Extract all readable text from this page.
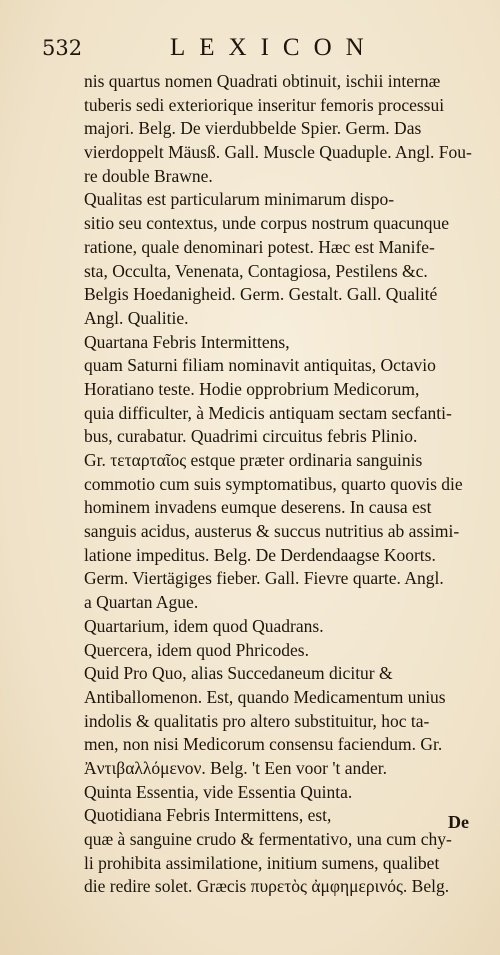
532	LEXICON
nis quartus nomen Quadrati obtinuit, ischii internæ
tuberis sedi exteriorique inseritur femoris processui
majori. Belg. De vierdubbelde Spier. Germ. Das
vierdoppelt Mäusß. Gall. Muscle Quaduple. Angl. Fou-
re double Brawne.
Qualitas est particularum minimarum dispo-
sitio seu contextus, unde corpus nostrum quacunque
ratione, quale denominari potest. Hæc est Manife-
sta, Occulta, Venenata, Contagiosa, Pestilens &c.
Belgis Hoedanigheid. Germ. Gestalt. Gall. Qualité
Angl. Qualitie.
Quartana Febris Intermittens,
quam Saturni filiam nominavit antiquitas, Octavio
Horatiano teste. Hodie opprobrium Medicorum,
quia difficulter, à Medicis antiquam sectam secfanti-
bus, curabatur. Quadrimi circuitus febris Plinio.
Gr. τεταρταῖος estque præter ordinaria sanguinis
commotio cum suis symptomatibus, quarto quovis die
hominem invadens eumque deserens. In causa est
sanguis acidus, austerus & succus nutritius ab assimi-
latione impeditus. Belg. De Derdendaagse Koorts.
Germ. Viertägiges fieber. Gall. Fievre quarte. Angl.
a Quartan Ague.
Quartarium, idem quod Quadrans.
Quercera, idem quod Phricodes.
Quid Pro Quo, alias Succedaneum dicitur &
Antiballomenon. Est, quando Medicamentum unius
indolis & qualitatis pro altero substituitur, hoc ta-
men, non nisi Medicorum consensu faciendum. Gr.
Ἀντιβαλλόμενον. Belg. 't Een voor 't ander.
Quinta Essentia, vide Essentia Quinta.
Quotidiana Febris Intermittens, est,
quæ à sanguine crudo & fermentativo, una cum chy-
li prohibita assimilatione, initium sumens, qualibet
die redire solet. Græcis πυρετὸς ἀμφημερινός. Belg.
De
